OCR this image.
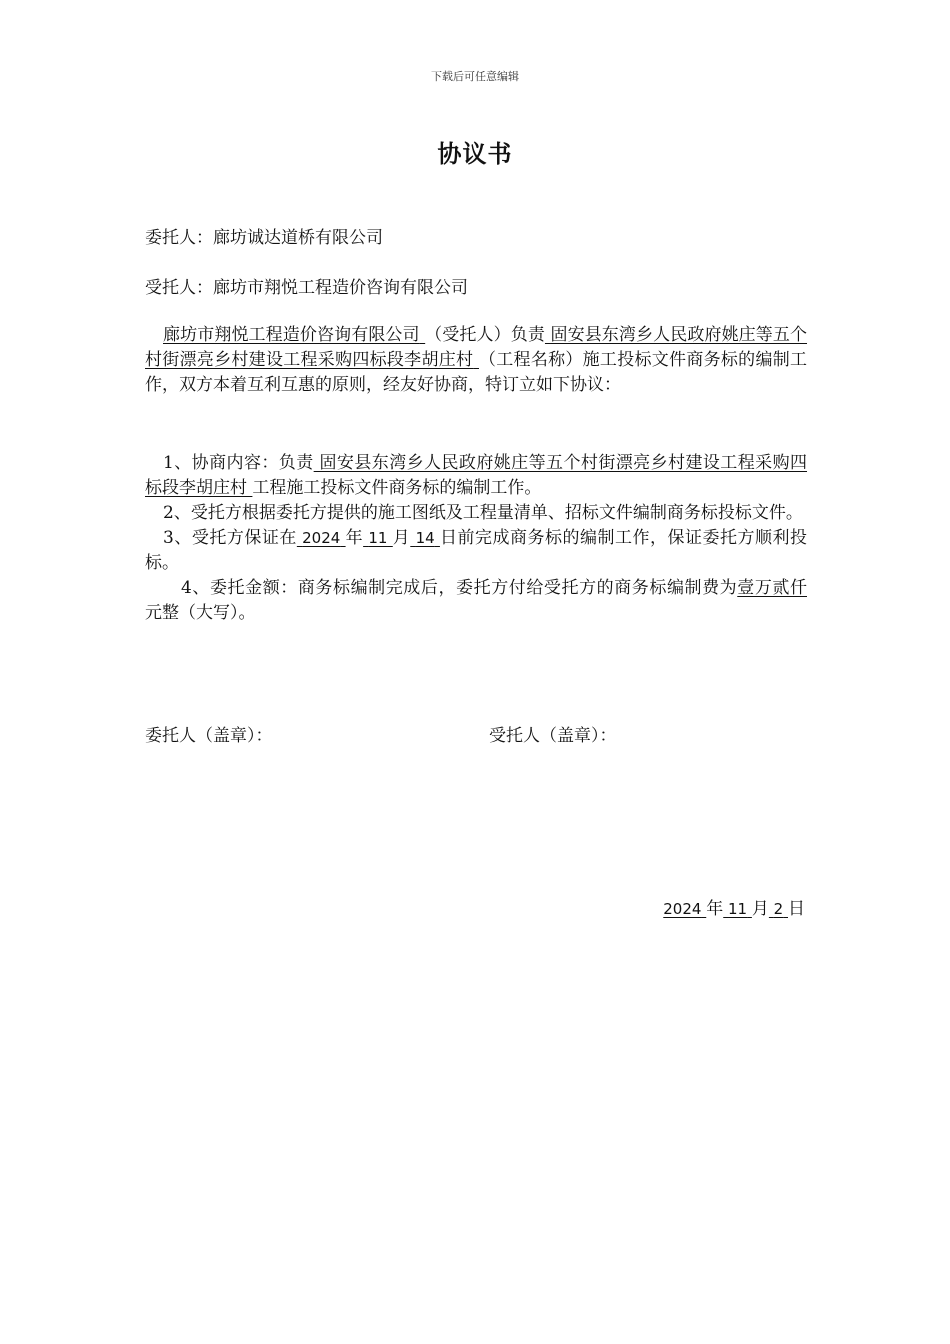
下载后可任意编辑
协议书
委托人：廊坊诚达道桥有限公司
受托人：廊坊市翔悦工程造价咨询有限公司
廊坊市翔悦工程造价咨询有限公司 （受托人）负责 固安县东湾乡人民政府姚庄等五个村街漂亮乡村建设工程采购四标段李胡庄村 （工程名称）施工投标文件商务标的编制工作，双方本着互利互惠的原则，经友好协商，特订立如下协议：

1、协商内容：负责 固安县东湾乡人民政府姚庄等五个村街漂亮乡村建设工程采购四标段李胡庄村 工程施工投标文件商务标的编制工作。

2、受托方根据委托方提供的施工图纸及工程量清单、招标文件编制商务标投标文件。

3、受托方保证在 2024 年 11 月 14 日前完成商务标的编制工作，保证委托方顺利投标。

4、委托金额：商务标编制完成后，委托方付给受托方的商务标编制费为壹万贰仟 元整（大写）。

委托人（盖章）：	受托人（盖章）：
2024 年 11 月 2 日
